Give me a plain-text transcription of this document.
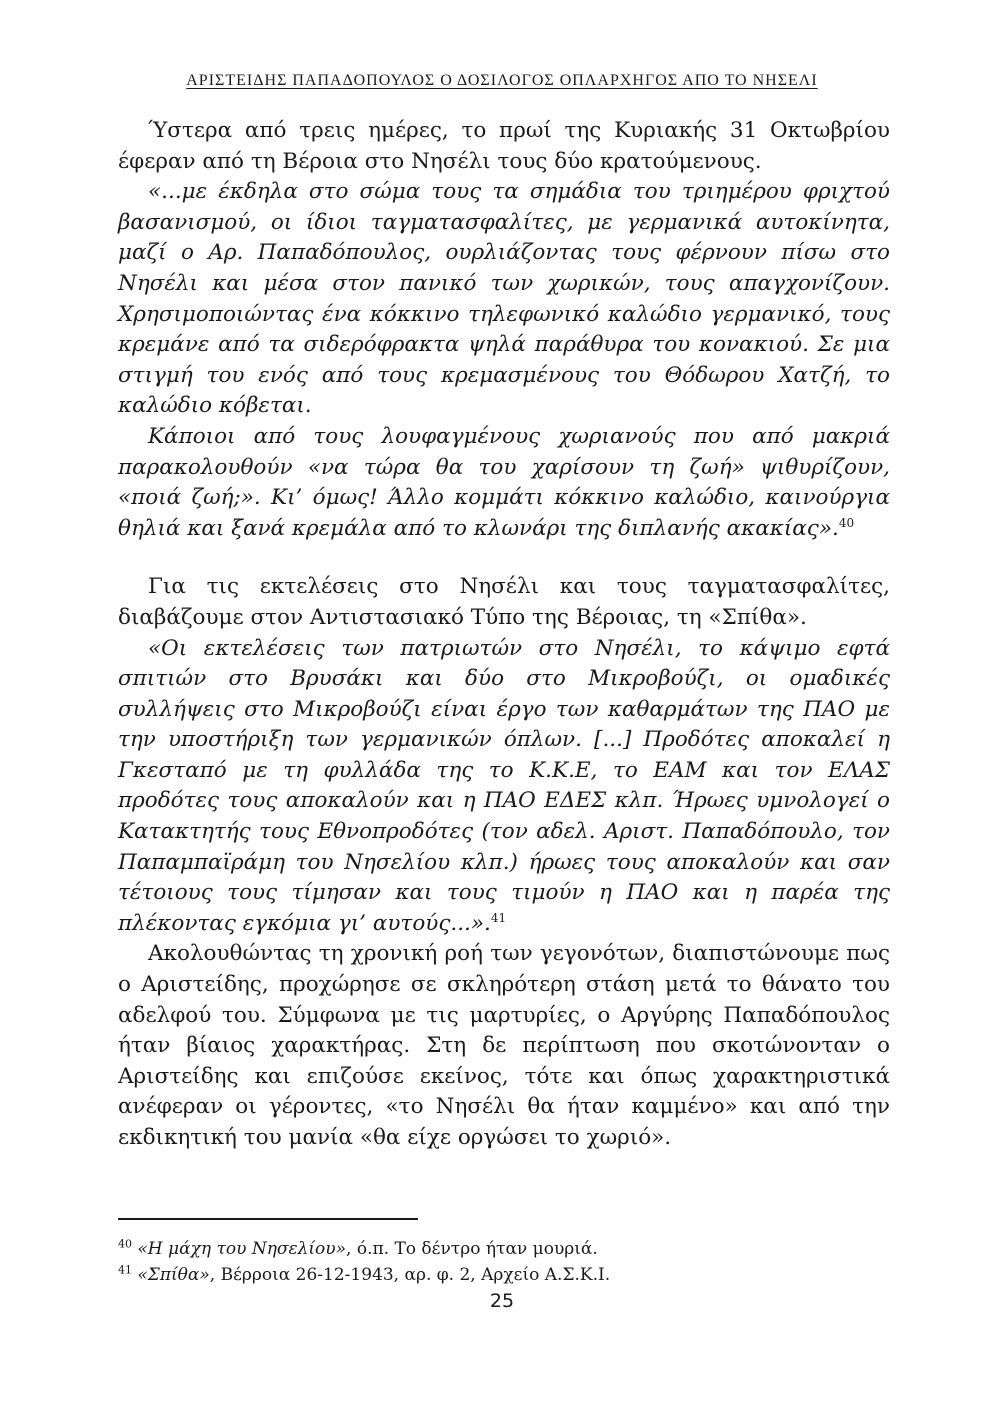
ΑΡΙΣΤΕΙΔΗΣ ΠΑΠΑΔΟΠΟΥΛΟΣ Ο ΔΟΣΙΛΟΓΟΣ ΟΠΛΑΡΧΗΓΟΣ ΑΠΟ ΤΟ ΝΗΣΕΛΙ

Ύστερα από τρεις ημέρες, το πρωί της Κυριακής 31 Οκτωβρίου έφεραν από τη Βέροια στο Νησέλι τους δύο κρατούμενους.

«...με έκδηλα στο σώμα τους τα σημάδια του τριημέρου φριχτού βασανισμού, οι ίδιοι ταγματασφαλίτες, με γερμανικά αυτοκίνητα, μαζί ο Αρ. Παπαδόπουλος, ουρλιάζοντας τους φέρνουν πίσω στο Νησέλι και μέσα στον πανικό των χωρικών, τους απαγχονίζουν. Χρησιμοποιώντας ένα κόκκινο τηλεφωνικό καλώδιο γερμανικό, τους κρεμάνε από τα σιδερόφρακτα ψηλά παράθυρα του κονακιού. Σε μια στιγμή του ενός από τους κρεμασμένους του Θόδωρου Χατζή, το καλώδιο κόβεται.

Κάποιοι από τους λουφαγμένους χωριανούς που από μακριά παρακολουθούν «να τώρα θα του χαρίσουν τη ζωή» ψιθυρίζουν, «ποιά ζωή;». Κι’ όμως! Άλλο κομμάτι κόκκινο καλώδιο, καινούργια θηλιά και ξανά κρεμάλα από το κλωνάρι της διπλανής ακακίας».$^{40}$

Για τις εκτελέσεις στο Νησέλι και τους ταγματασφαλίτες, διαβάζουμε στον Αντιστασιακό Τύπο της Βέροιας, τη «Σπίθα».

«Οι εκτελέσεις των πατριωτών στο Νησέλι, το κάψιμο εφτά σπιτιών στο Βρυσάκι και δύο στο Μικροβούζι, οι ομαδικές συλλήψεις στο Μικροβούζι είναι έργο των καθαρμάτων της ΠΑΟ με την υποστήριξη των γερμανικών όπλων. [...] Προδότες αποκαλεί η Γκεσταπό με τη φυλλάδα της το Κ.Κ.Ε, το ΕΑΜ και τον ΕΛΑΣ προδότες τους αποκαλούν και η ΠΑΟ ΕΔΕΣ κλπ. Ήρωες υμνολογεί ο Κατακτητής τους Εθνοπροδότες (τον αδελ. Αριστ. Παπαδόπουλο, τον Παπαμπαϊράμη του Νησελίου κλπ.) ήρωες τους αποκαλούν και σαν τέτοιους τους τίμησαν και τους τιμούν η ΠΑΟ και η παρέα της πλέκοντας εγκόμια γι’ αυτούς...».$^{41}$

Ακολουθώντας τη χρονική ροή των γεγονότων, διαπιστώνουμε πως ο Αριστείδης, προχώρησε σε σκληρότερη στάση μετά το θάνατο του αδελφού του. Σύμφωνα με τις μαρτυρίες, ο Αργύρης Παπαδόπουλος ήταν βίαιος χαρακτήρας. Στη δε περίπτωση που σκοτώνονταν ο Αριστείδης και επιζούσε εκείνος, τότε και όπως χαρακτηριστικά ανέφεραν οι γέροντες, «το Νησέλι θα ήταν καμμένο» και από την εκδικητική του μανία «θα είχε οργώσει το χωριό».

$^{40}$ «Η μάχη του Νησελίου», ό.π. Το δέντρο ήταν μουριά.

$^{41}$ «Σπίθα», Βέρροια 26-12-1943, αρ. φ. 2, Αρχείο Α.Σ.Κ.Ι.

25
